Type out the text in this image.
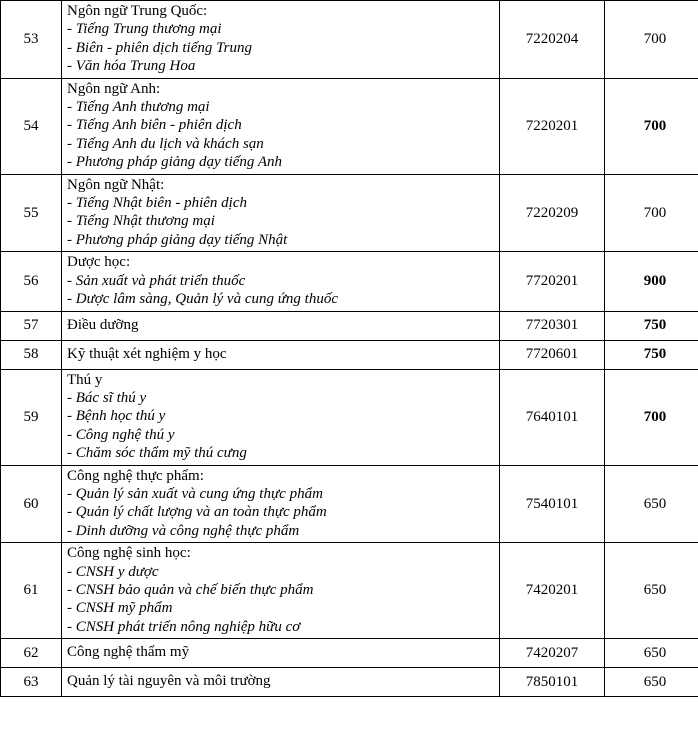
53	Ngôn ngữ Trung Quốc:
- Tiếng Trung thương mại
- Biên - phiên dịch tiếng Trung
- Văn hóa Trung Hoa	7220204	700
54	Ngôn ngữ Anh:
- Tiếng Anh thương mại
- Tiếng Anh biên - phiên dịch
- Tiếng Anh du lịch và khách sạn
- Phương pháp giảng dạy tiếng Anh	7220201	700
55	Ngôn ngữ Nhật:
- Tiếng Nhật biên - phiên dịch
- Tiếng Nhật thương mại
- Phương pháp giảng dạy tiếng Nhật	7220209	700
56	Dược học:
- Sản xuất và phát triển thuốc
- Dược lâm sàng, Quản lý và cung ứng thuốc	7720201	900
57	Điều dưỡng	7720301	750
58	Kỹ thuật xét nghiệm y học	7720601	750
59	Thú y
- Bác sĩ thú y
- Bệnh học thú y
- Công nghệ thú y
- Chăm sóc thẩm mỹ thú cưng	7640101	700
60	Công nghệ thực phẩm:
- Quản lý sản xuất và cung ứng thực phẩm
- Quản lý chất lượng và an toàn thực phẩm
- Dinh dưỡng và công nghệ thực phẩm	7540101	650
61	Công nghệ sinh học:
- CNSH y dược
- CNSH bảo quản và chế biến thực phẩm
- CNSH mỹ phẩm
- CNSH phát triển nông nghiệp hữu cơ	7420201	650
62	Công nghệ thẩm mỹ	7420207	650
63	Quản lý tài nguyên và môi trường	7850101	650
